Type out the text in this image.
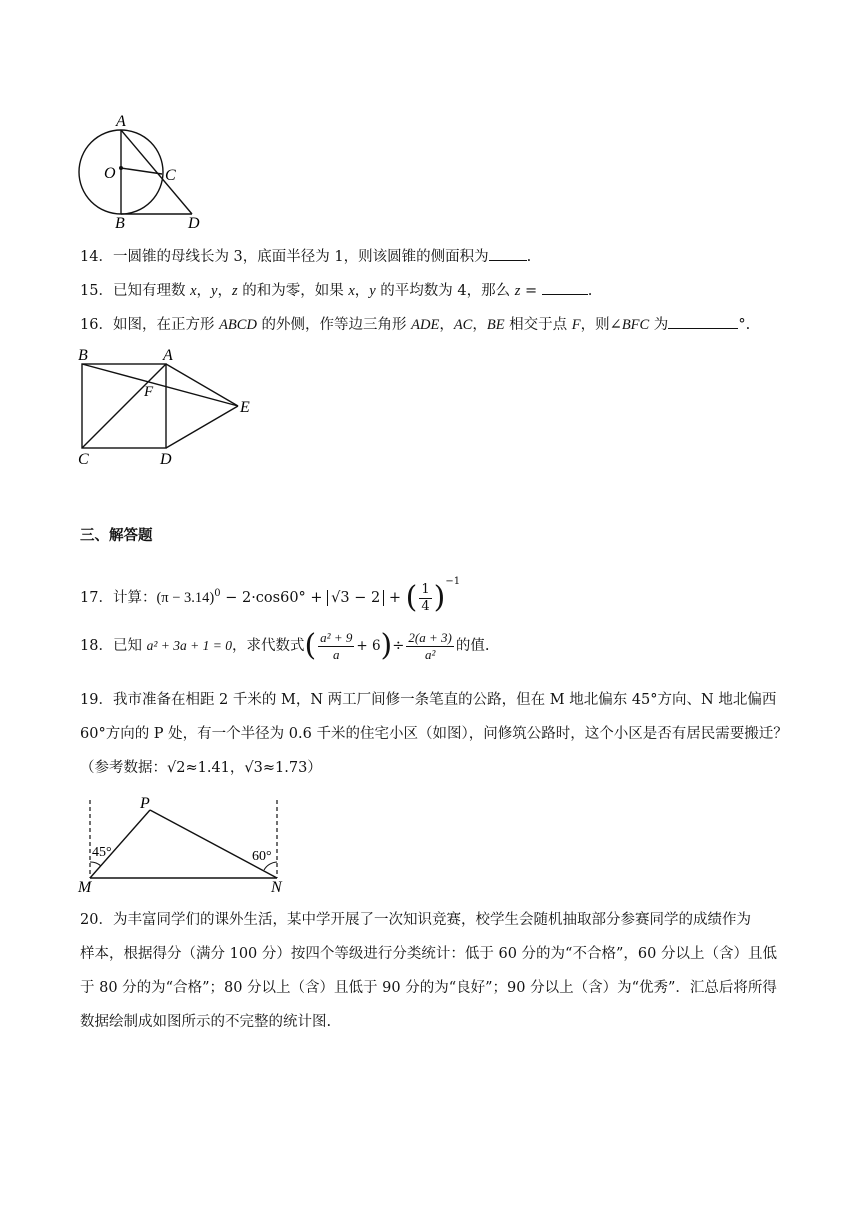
A
O	C
B	D
14．一圆锥的母线长为 3，底面半径为 1，则该圆锥的侧面积为	.
15．已知有理数 x，y，z 的和为零，如果 x，y 的平均数为 4，那么 z =	.
16．如图，在正方形 ABCD 的外侧，作等边三角形 ADE，AC，BE 相交于点 F，则∠BFC 为	°.
B	A
F
E
C	D
三、解答题
17．计算：$(\pi - 3.14)^0 - 2\cdot\cos 60^\circ + √3 - 2$ + ( $\frac{1}{4} )^{-1}$
18．已知 a² + 3a + 1 = 0，求代数式( $\frac{\text{a² + 9}}{a} + 6)\div \frac{2(a + 3)}{\text{a²}}$ 的值.
19．我市准备在相距 2 千米的 M，N 两工厂间修一条笔直的公路，但在 M 地北偏东 45°方向、N 地北偏西
60°方向的 P 处，有一个半径为 0.6 千米的住宅小区（如图），问修筑公路时，这个小区是否有居民需要搬迁？
（参考数据：√2≈1.41，√3≈1.73）
P
45°	60°
M	N
20．为丰富同学们的课外生活，某中学开展了一次知识竞赛，校学生会随机抽取部分参赛同学的成绩作为
样本，根据得分（满分 100 分）按四个等级进行分类统计：低于 60 分的为“不合格”，60 分以上（含）且低
于 80 分的为“合格”；80 分以上（含）且低于 90 分的为“良好”；90 分以上（含）为“优秀”．汇总后将所得
数据绘制成如图所示的不完整的统计图.
